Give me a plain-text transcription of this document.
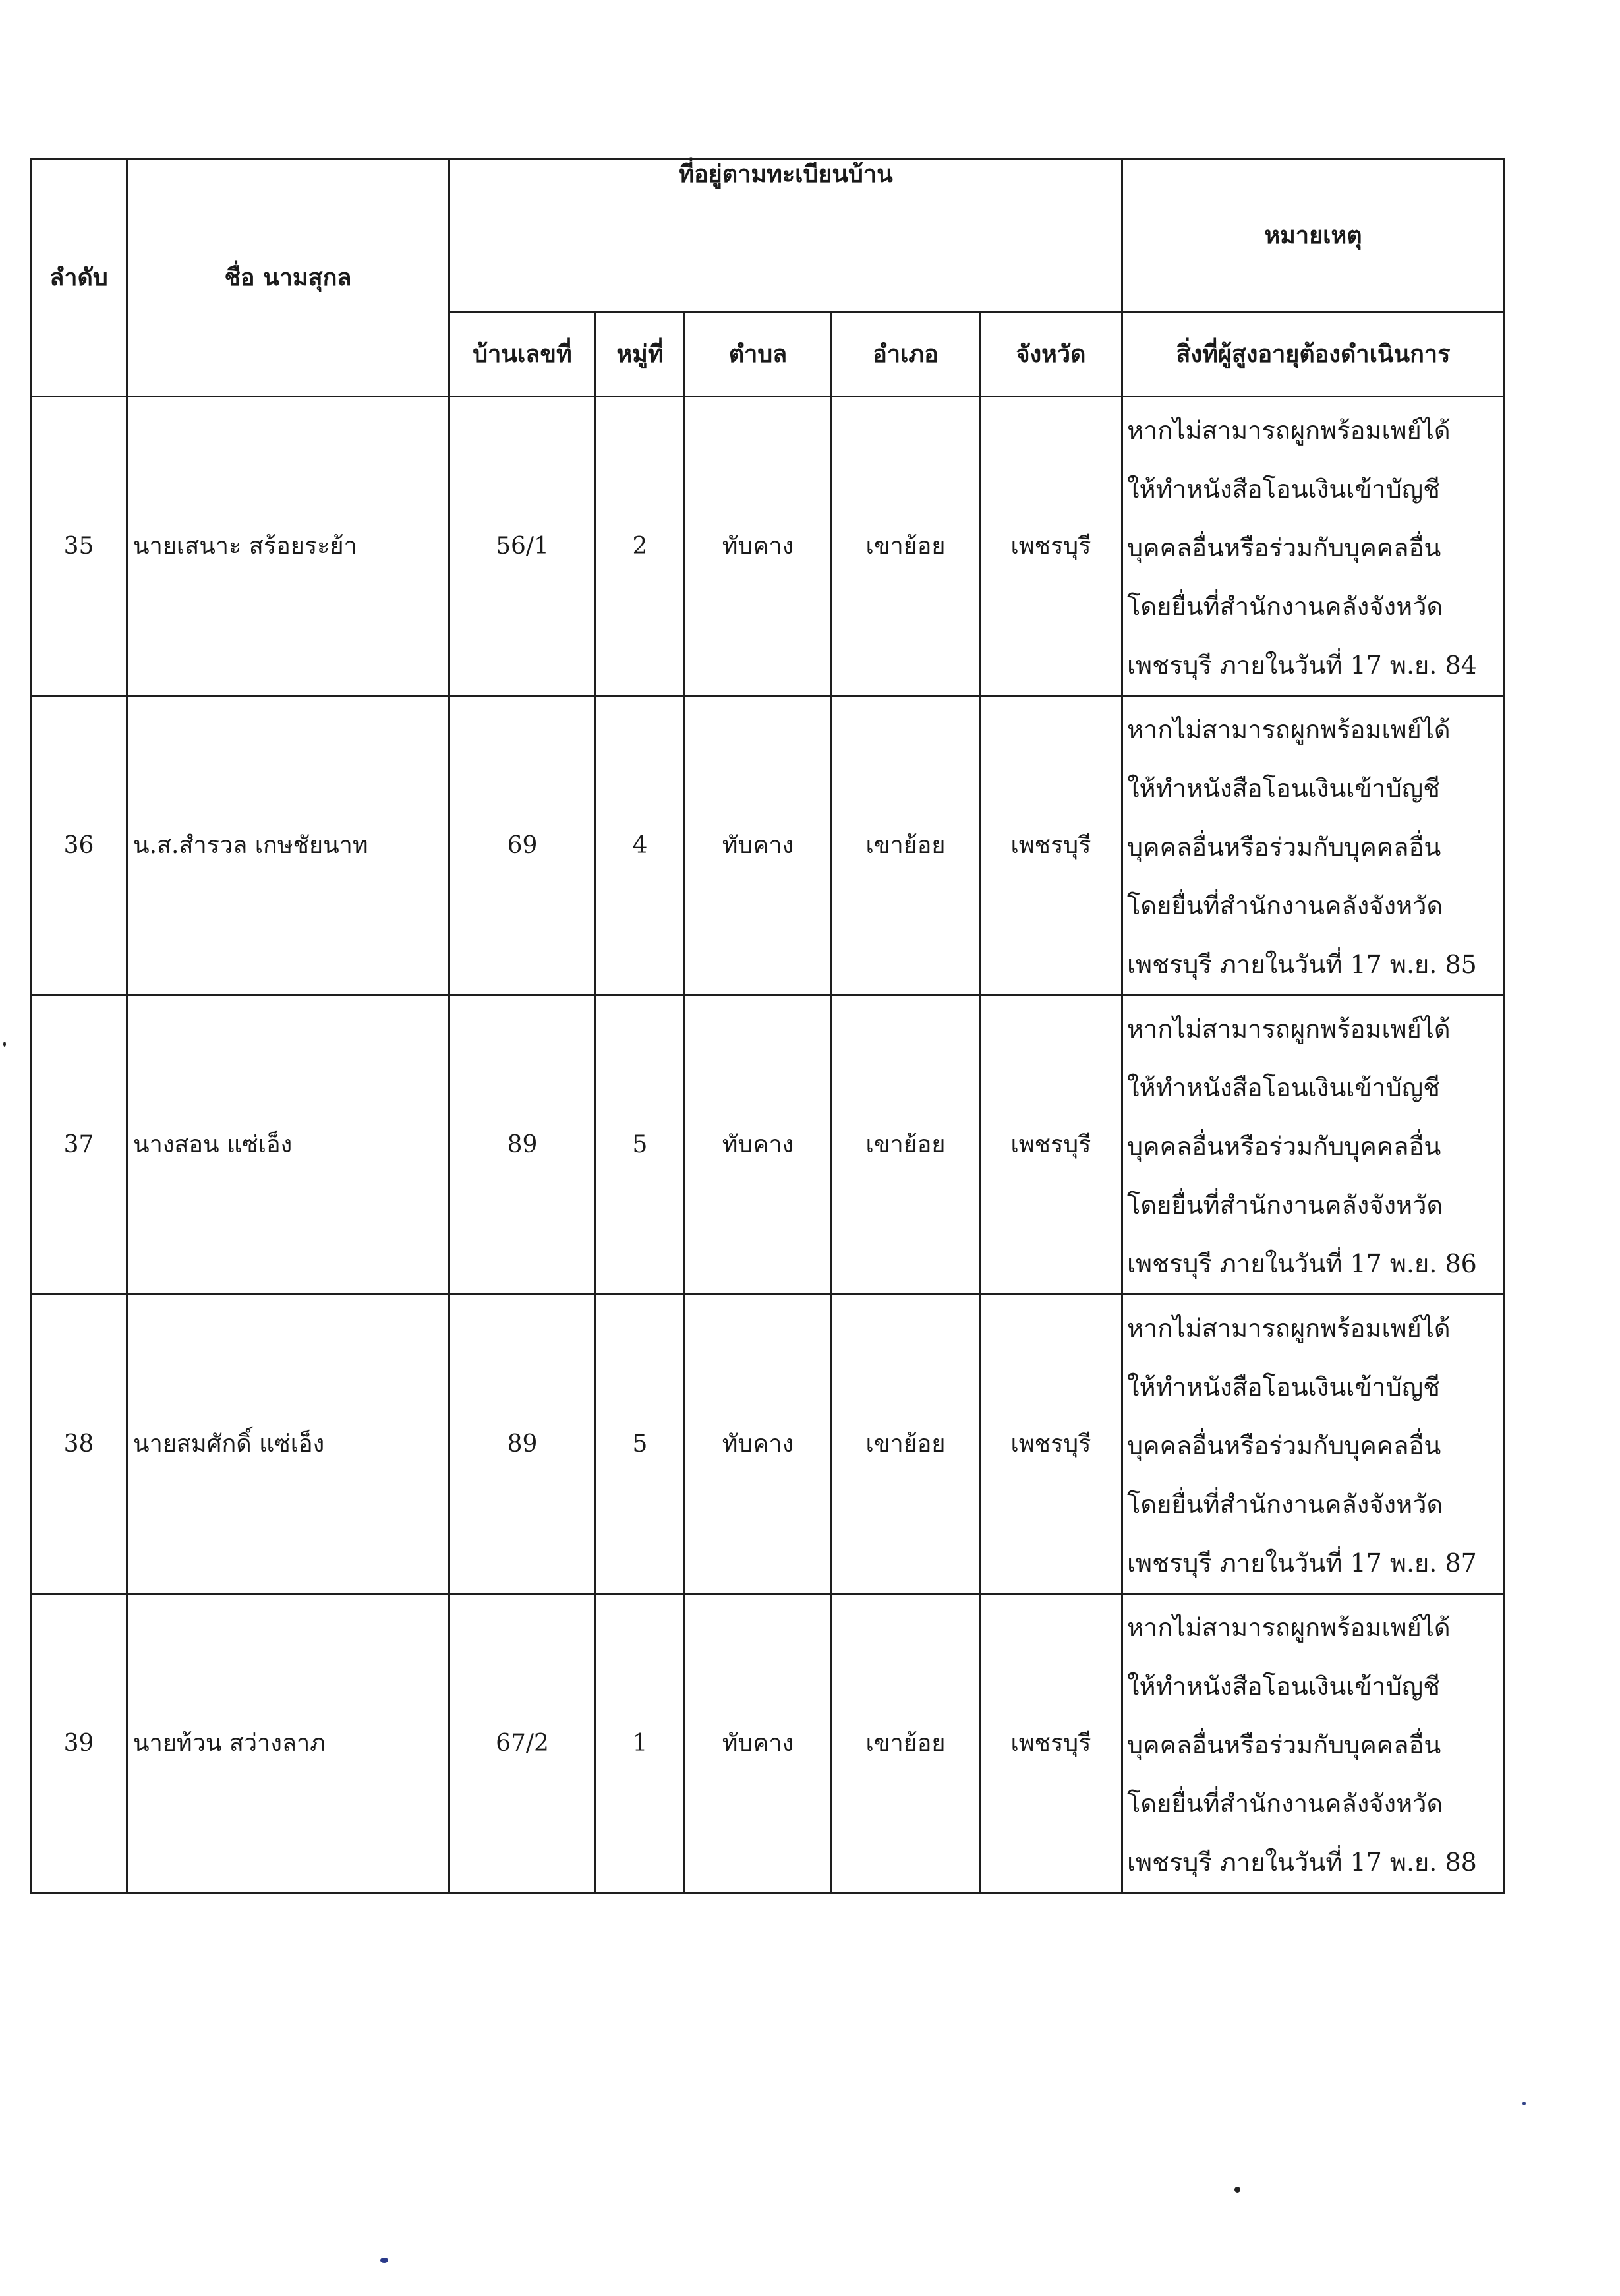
ลำดับ	ชื่อ นามสุกล	ที่อยู่ตามทะเบียนบ้าน					หมายเหตุ
		บ้านเลขที่	หมู่ที่	ตำบล	อำเภอ	จังหวัด	สิ่งที่ผู้สูงอายุต้องดำเนินการ
35	นายเสนาะ สร้อยระย้า	56/1	2	ทับคาง	เขาย้อย	เพชรบุรี	หากไม่สามารถผูกพร้อมเพย์ได้
ให้ทำหนังสือโอนเงินเข้าบัญชี
บุคคลอื่นหรือร่วมกับบุคคลอื่น
โดยยื่นที่สำนักงานคลังจังหวัด
เพชรบุรี ภายในวันที่ 17 พ.ย. 84

36	น.ส.สำรวล เกษชัยนาท	69	4	ทับคาง	เขาย้อย	เพชรบุรี	หากไม่สามารถผูกพร้อมเพย์ได้
ให้ทำหนังสือโอนเงินเข้าบัญชี
บุคคลอื่นหรือร่วมกับบุคคลอื่น
โดยยื่นที่สำนักงานคลังจังหวัด
เพชรบุรี ภายในวันที่ 17 พ.ย. 85

37	นางสอน แซ่เอ็ง	89	5	ทับคาง	เขาย้อย	เพชรบุรี	หากไม่สามารถผูกพร้อมเพย์ได้
ให้ทำหนังสือโอนเงินเข้าบัญชี
บุคคลอื่นหรือร่วมกับบุคคลอื่น
โดยยื่นที่สำนักงานคลังจังหวัด
เพชรบุรี ภายในวันที่ 17 พ.ย. 86

38	นายสมศักดิ์ แซ่เอ็ง	89	5	ทับคาง	เขาย้อย	เพชรบุรี	หากไม่สามารถผูกพร้อมเพย์ได้
ให้ทำหนังสือโอนเงินเข้าบัญชี
บุคคลอื่นหรือร่วมกับบุคคลอื่น
โดยยื่นที่สำนักงานคลังจังหวัด
เพชรบุรี ภายในวันที่ 17 พ.ย. 87

39	นายท้วน สว่างลาภ	67/2	1	ทับคาง	เขาย้อย	เพชรบุรี	หากไม่สามารถผูกพร้อมเพย์ได้
ให้ทำหนังสือโอนเงินเข้าบัญชี
บุคคลอื่นหรือร่วมกับบุคคลอื่น
โดยยื่นที่สำนักงานคลังจังหวัด
เพชรบุรี ภายในวันที่ 17 พ.ย. 88
